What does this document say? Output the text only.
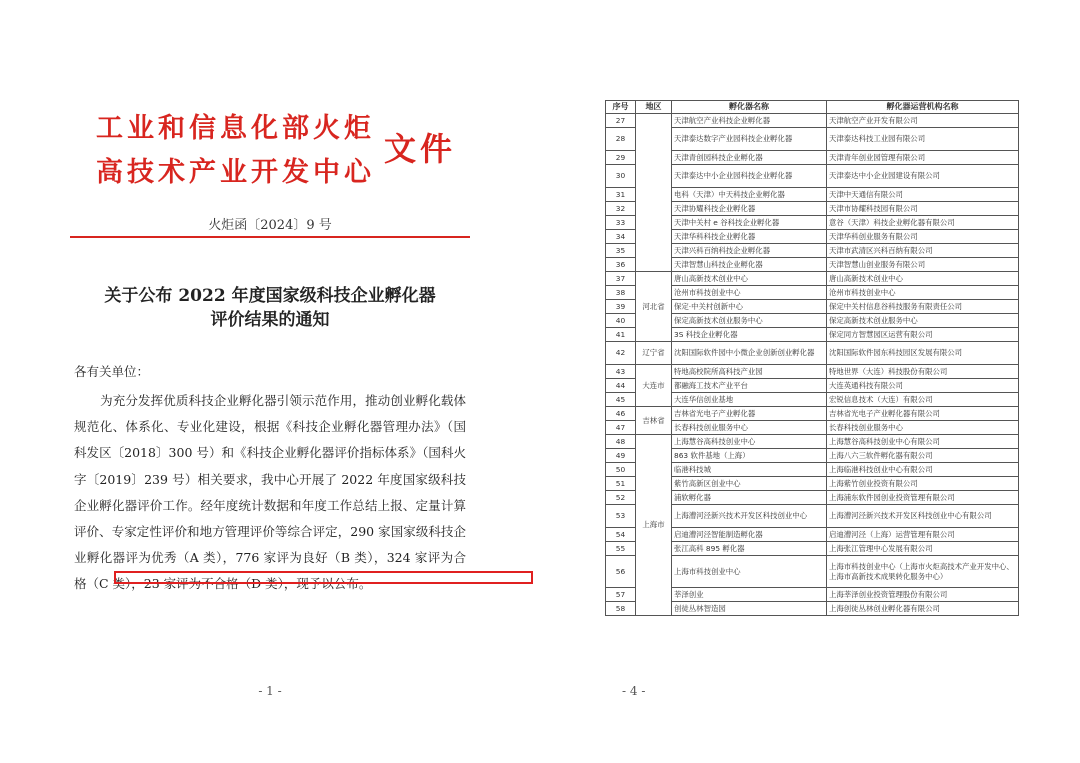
工业和信息化部火炬
高技术产业开发中心
文件
火炬函〔2024〕9 号
关于公布 2022 年度国家级科技企业孵化器
评价结果的通知
各有关单位：
为充分发挥优质科技企业孵化器引领示范作用，推动创业孵化载体规范化、体系化、专业化建设，根据《科技企业孵化器管理办法》（国科发区〔2018〕300 号）和《科技企业孵化器评价指标体系》（国科火字〔2019〕239 号）相关要求，我中心开展了 2022 年度国家级科技企业孵化器评价工作。经年度统计数据和年度工作总结上报、定量计算评价、专家定性评价和地方管理评价等综合评定，290 家国家级科技企业孵化器评为优秀（A 类），776 家评为良好（B 类），324 家评为合格（C 类），23 家评为不合格（D 类），现予以公布。
- 1 -
序号	地区	孵化器名称	孵化器运营机构名称
27		天津航空产业科技企业孵化器	天津航空产业开发有限公司
28		天津泰达数字产业园科技企业孵化器	天津泰达科技工业园有限公司
29		天津青创园科技企业孵化器	天津青年创业园管理有限公司
30		天津泰达中小企业园科技企业孵化器	天津泰达中小企业园建设有限公司
31		电科（天津）中天科技企业孵化器	天津中天通信有限公司
32		天津协耀科技企业孵化器	天津市协耀科技园有限公司
33		天津中关村 e 谷科技企业孵化器	意谷（天津）科技企业孵化器有限公司
34		天津华科科技企业孵化器	天津华科创业服务有限公司
35		天津兴科百纳科技企业孵化器	天津市武清区兴科百纳有限公司
36		天津智慧山科技企业孵化器	天津智慧山创业服务有限公司
37	河北省	唐山高新技术创业中心	唐山高新技术创业中心
38		沧州市科技创业中心	沧州市科技创业中心
39		保定·中关村创新中心	保定中关村信息谷科技服务有限责任公司
40		保定高新技术创业服务中心	保定高新技术创业服务中心
41		3S 科技企业孵化器	保定同方智慧园区运营有限公司
42	辽宁省	沈阳国际软件园中小微企业创新创业孵化器	沈阳国际软件园东科技园区发展有限公司
43	大连市	特地高校院所高科技产业园	特地世界（大连）科技股份有限公司
44		都融海工技术产业平台	大连英通科技有限公司
45		大连华信创业基地	宏锐信息技术（大连）有限公司
46	吉林省	吉林省光电子产业孵化器	吉林省光电子产业孵化器有限公司
47		长春科技创业服务中心	长春科技创业服务中心
48	上海市	上海慧谷高科技创业中心	上海慧谷高科技创业中心有限公司
49		863 软件基地（上海）	上海八六三软件孵化器有限公司
50		临港科技城	上海临港科技创业中心有限公司
51		紫竹高新区创业中心	上海紫竹创业投资有限公司
52		浦软孵化器	上海浦东软件园创业投资管理有限公司
53		上海漕河泾新兴技术开发区科技创业中心	上海漕河泾新兴技术开发区科技创业中心有限公司
54		启迪漕河泾智能制造孵化器	启迪漕河泾（上海）运营管理有限公司
55		张江高科 895 孵化器	上海张江管理中心发展有限公司
56		上海市科技创业中心	上海市科技创业中心（上海市火炬高技术产业开发中心、上海市高新技术成果转化服务中心）
57		莘泽创业	上海莘泽创业投资管理股份有限公司
58		创徒丛林智造园	上海创徒丛林创业孵化器有限公司
- 4 -
